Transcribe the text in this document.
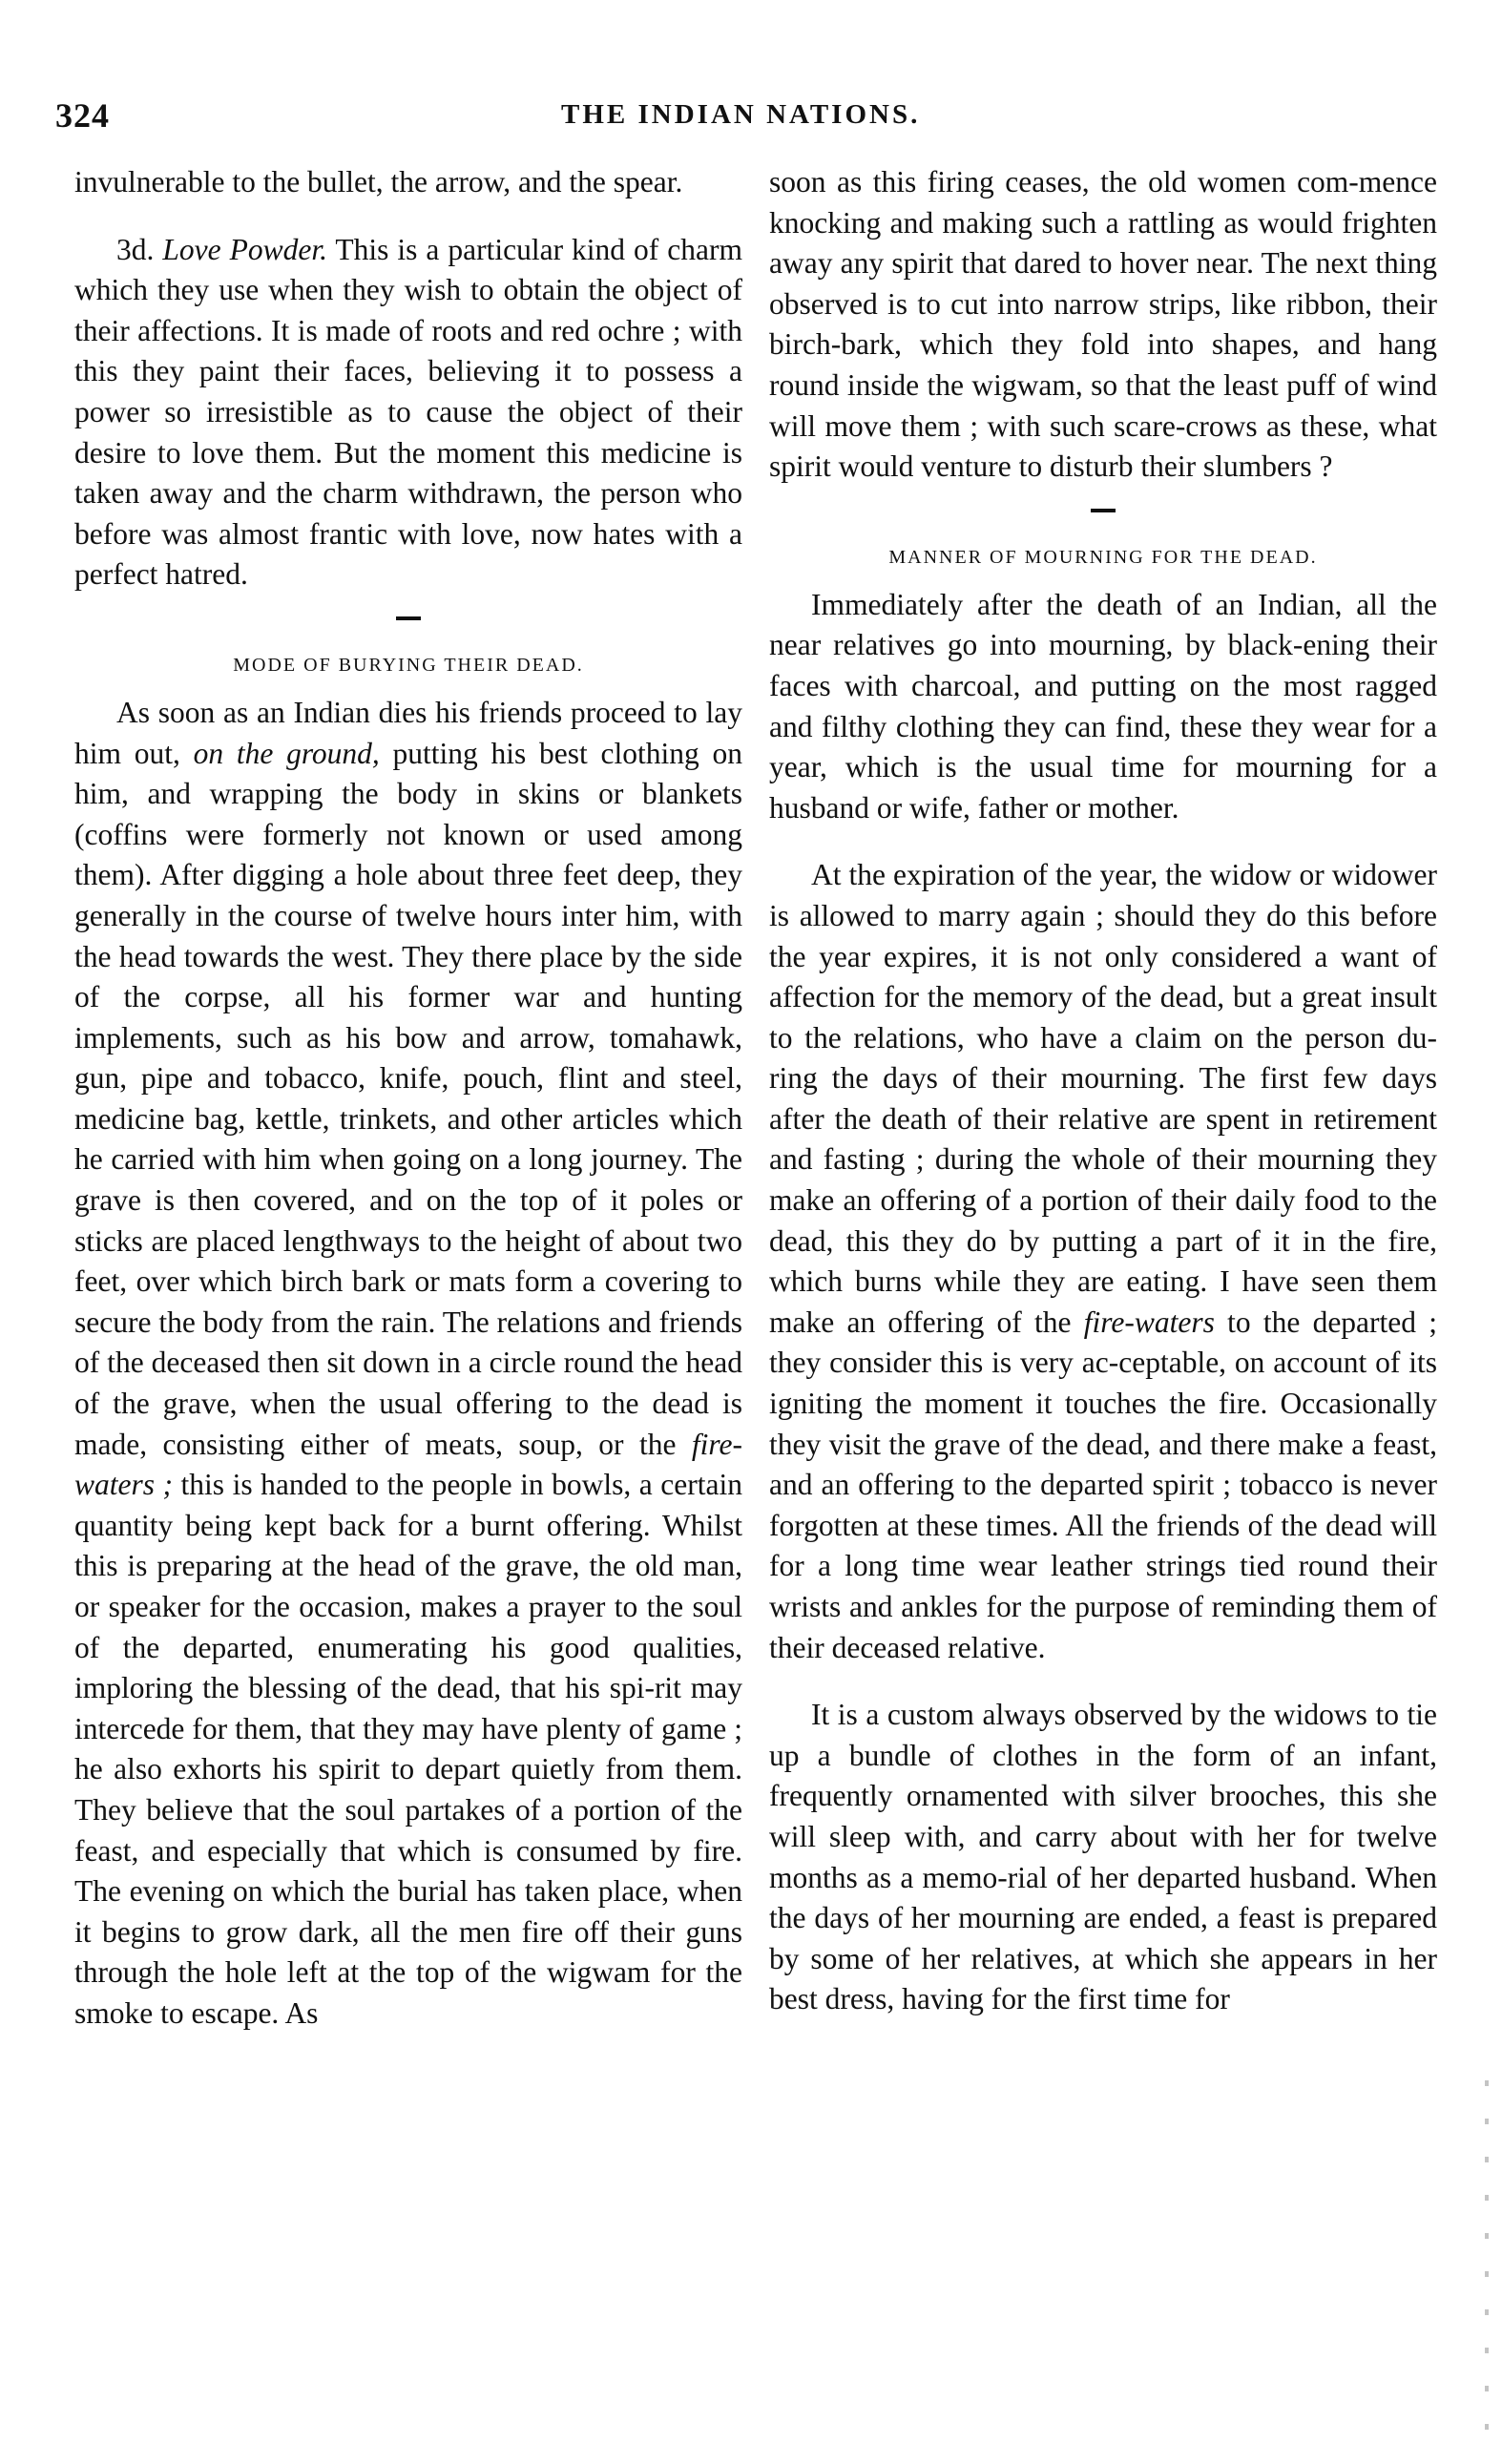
324	THE INDIAN NATIONS.

invulnerable to the bullet, the arrow, and the spear.

3d. Love Powder. This is a particular kind of charm which they use when they wish to obtain the object of their affections. It is made of roots and red ochre ; with this they paint their faces, believing it to possess a power so irresistible as to cause the object of their desire to love them. But the moment this medicine is taken away and the charm withdrawn, the person who before was almost frantic with love, now hates with a perfect hatred.

MODE OF BURYING THEIR DEAD.

As soon as an Indian dies his friends proceed to lay him out, on the ground, putting his best clothing on him, and wrapping the body in skins or blankets (coffins were formerly not known or used among them). After digging a hole about three feet deep, they generally in the course of twelve hours inter him, with the head towards the west. They there place by the side of the corpse, all his former war and hunting implements, such as his bow and arrow, tomahawk, gun, pipe and tobacco, knife, pouch, flint and steel, medicine bag, kettle, trinkets, and other articles which he carried with him when going on a long journey. The grave is then covered, and on the top of it poles or sticks are placed lengthways to the height of about two feet, over which birch bark or mats form a covering to secure the body from the rain. The relations and friends of the deceased then sit down in a circle round the head of the grave, when the usual offering to the dead is made, consisting either of meats, soup, or the fire-waters ; this is handed to the people in bowls, a certain quantity being kept back for a burnt offering. Whilst this is preparing at the head of the grave, the old man, or speaker for the occasion, makes a prayer to the soul of the departed, enumerating his good qualities, imploring the blessing of the dead, that his spi-rit may intercede for them, that they may have plenty of game ; he also exhorts his spirit to depart quietly from them. They believe that the soul partakes of a portion of the feast, and especially that which is consumed by fire. The evening on which the burial has taken place, when it begins to grow dark, all the men fire off their guns through the hole left at the top of the wigwam for the smoke to escape. As

soon as this firing ceases, the old women com-mence knocking and making such a rattling as would frighten away any spirit that dared to hover near. The next thing observed is to cut into narrow strips, like ribbon, their birch-bark, which they fold into shapes, and hang round inside the wigwam, so that the least puff of wind will move them ; with such scare-crows as these, what spirit would venture to disturb their slumbers ?

MANNER OF MOURNING FOR THE DEAD.

Immediately after the death of an Indian, all the near relatives go into mourning, by black-ening their faces with charcoal, and putting on the most ragged and filthy clothing they can find, these they wear for a year, which is the usual time for mourning for a husband or wife, father or mother.

At the expiration of the year, the widow or widower is allowed to marry again ; should they do this before the year expires, it is not only considered a want of affection for the memory of the dead, but a great insult to the relations, who have a claim on the person du-ring the days of their mourning. The first few days after the death of their relative are spent in retirement and fasting ; during the whole of their mourning they make an offering of a portion of their daily food to the dead, this they do by putting a part of it in the fire, which burns while they are eating. I have seen them make an offering of the fire-waters to the departed ; they consider this is very ac-ceptable, on account of its igniting the moment it touches the fire. Occasionally they visit the grave of the dead, and there make a feast, and an offering to the departed spirit ; tobacco is never forgotten at these times. All the friends of the dead will for a long time wear leather strings tied round their wrists and ankles for the purpose of reminding them of their deceased relative.

It is a custom always observed by the widows to tie up a bundle of clothes in the form of an infant, frequently ornamented with silver brooches, this she will sleep with, and carry about with her for twelve months as a memo-rial of her departed husband. When the days of her mourning are ended, a feast is prepared by some of her relatives, at which she appears in her best dress, having for the first time for
